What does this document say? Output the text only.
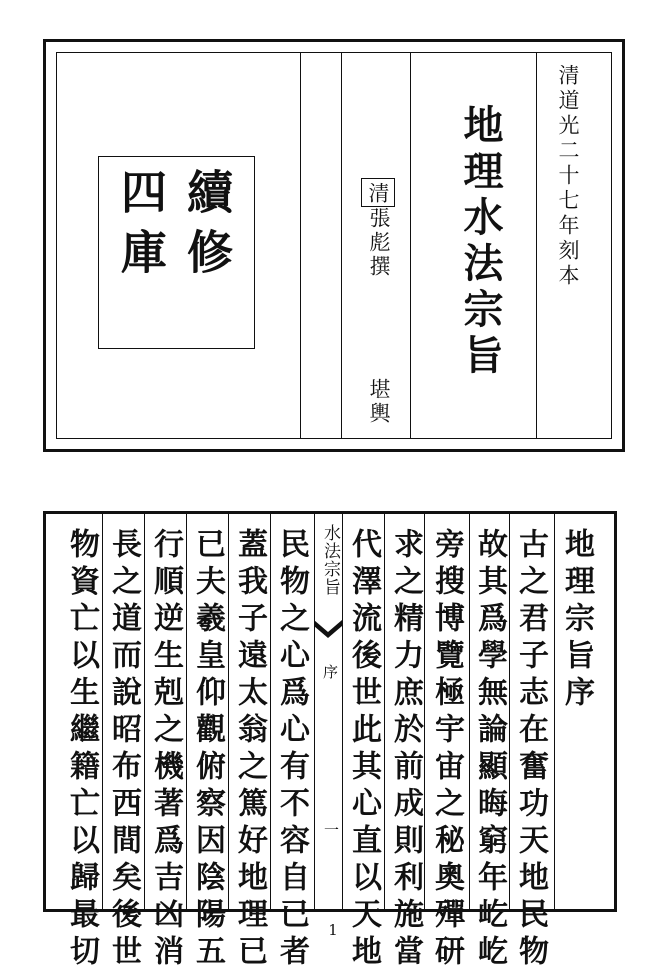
清道光二十七年刻本
地理水法宗旨
清
張彪撰
堪輿
續修
四庫
地理宗旨序
古之君子志在奮功天地民物
故其爲學無論顯晦窮年屹屹
旁搜博覽極宇宙之秘奧殫研
求之精力庶於前成則利施當
代澤流後世此其心直以天地
水法宗旨
序
一
民物之心爲心有不容自已者
蓋我子遠太翁之篤好地理已
已夫羲皇仰觀俯察因陰陽五
行順逆生剋之機著爲吉凶消
長之道而說昭布西間矣後世
物資亡以生繼籍亡以歸最切	1
